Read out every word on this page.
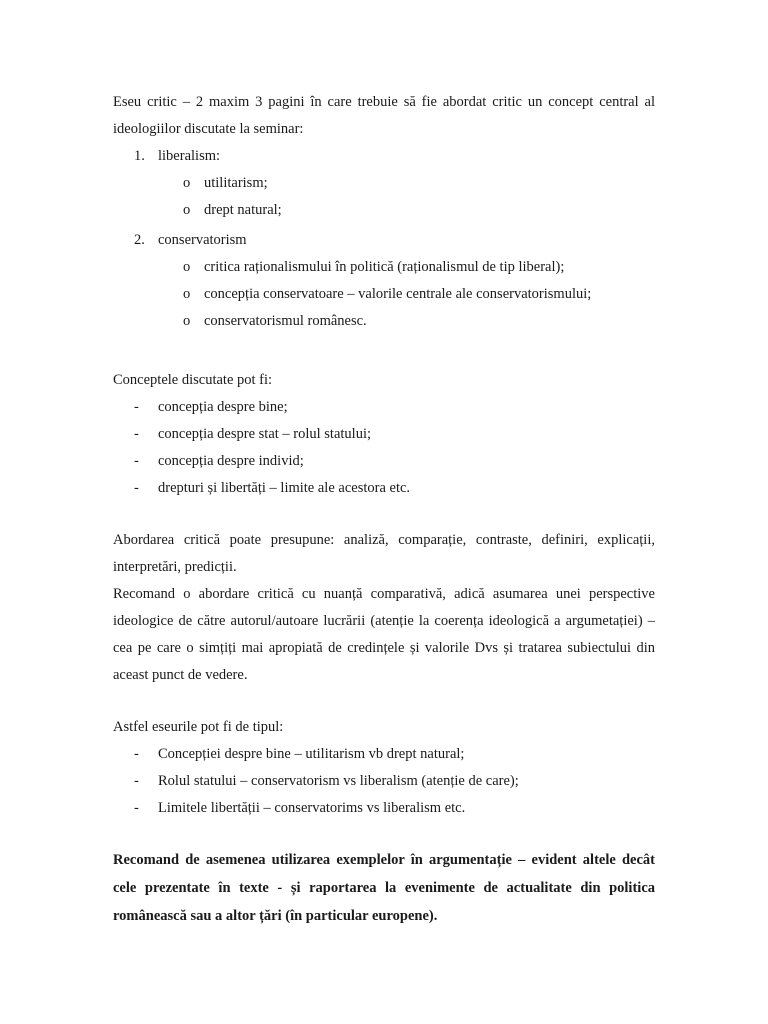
Eseu critic – 2 maxim 3 pagini în care trebuie să fie abordat critic un concept central al ideologiilor discutate la seminar:
1. liberalism:
o utilitarism;
o drept natural;
2. conservatorism
o critica raționalismului în politică (raționalismul de tip liberal);
o concepția conservatoare – valorile centrale ale conservatorismului;
o conservatorismul românesc.
Conceptele discutate pot fi:
- concepția despre bine;
- concepția despre stat – rolul statului;
- concepția despre individ;
- drepturi și libertăți – limite ale acestora etc.
Abordarea critică poate presupune: analiză, comparație, contraste, definiri, explicații, interpretări, predicții.
Recomand o abordare critică cu nuanță comparativă, adică asumarea unei perspective ideologice de către autorul/autoare lucrării (atenție la coerența ideologică a argumetației) – cea pe care o simțiți mai apropiată de credințele și valorile Dvs și tratarea subiectului din aceast punct de vedere.
Astfel eseurile pot fi de tipul:
- Concepției despre bine – utilitarism vb drept natural;
- Rolul statului – conservatorism vs liberalism (atenție de care);
- Limitele libertății – conservatorims vs liberalism etc.
Recomand de asemenea utilizarea exemplelor în argumentație – evident altele decât cele prezentate în texte - și raportarea la evenimente de actualitate din politica românească sau a altor țări (în particular europene).
